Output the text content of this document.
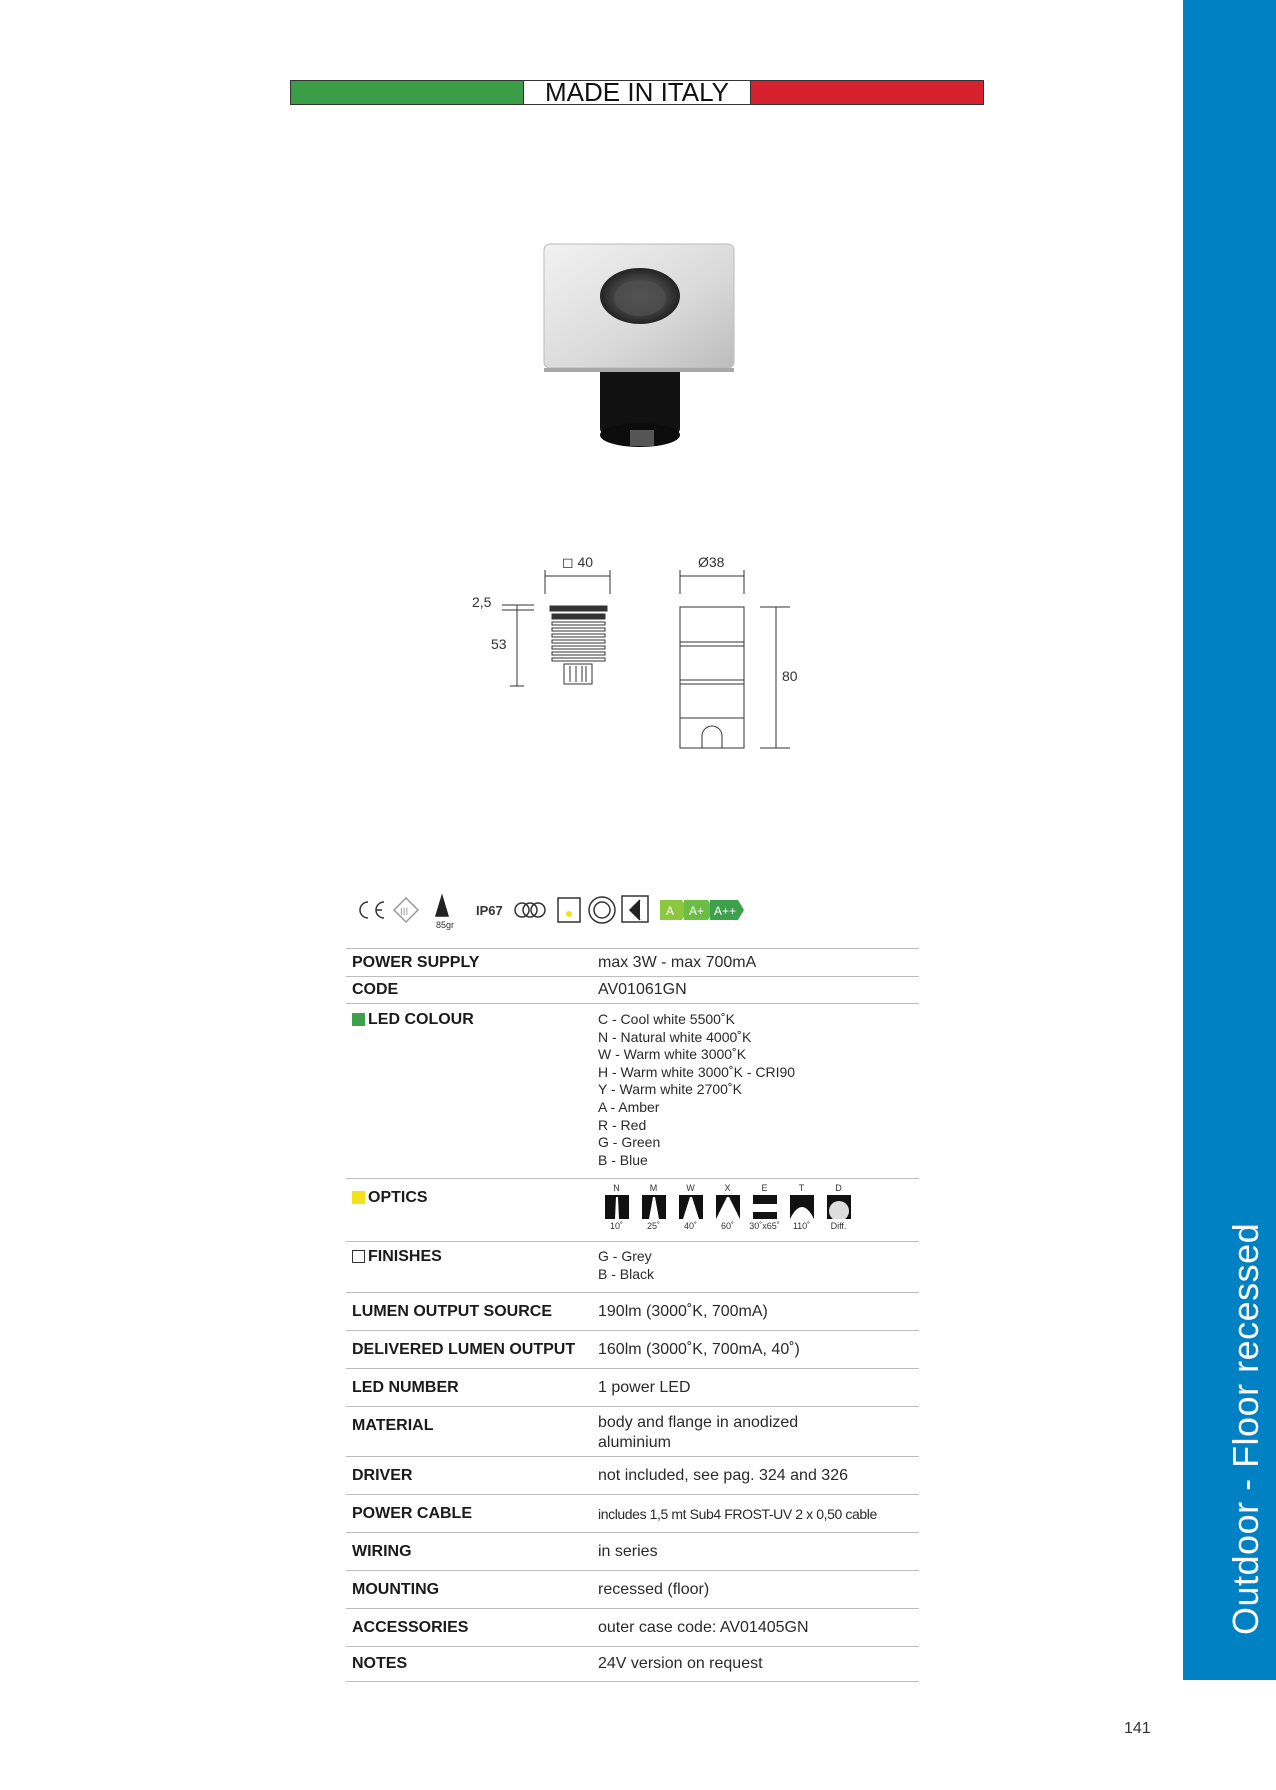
MADE IN ITALY
◻ 40	Ø38
2,5
53
80
III	A A+ A++
85gr
IP67
POWER SUPPLY	max 3W - max 700mA
CODE	AV01061GN
LED COLOUR	C - Cool white 5500˚K
N - Natural white 4000˚K
W - Warm white 3000˚K
H - Warm white 3000˚K - CRI90
Y - Warm white 2700˚K
A - Amber
R - Red
G - Green
B - Blue
OPTICS
N	M	W	X	E	T	D
10˚	25˚	40˚	60˚	30˚x65˚	110˚	Diff.
FINISHES	G - Grey
B - Black
LUMEN OUTPUT SOURCE	190lm (3000˚K, 700mA)
DELIVERED LUMEN OUTPUT	160lm (3000˚K, 700mA, 40˚)
LED NUMBER	1 power LED
MATERIAL	body and flange in anodized
aluminium
DRIVER	not included, see pag. 324 and 326
POWER CABLE	includes 1,5 mt Sub4 FROST-UV 2 x 0,50 cable
WIRING	in series
MOUNTING	recessed (floor)
ACCESSORIES	outer case code: AV01405GN
NOTES	24V version on request
Outdoor - Floor recessed
141
